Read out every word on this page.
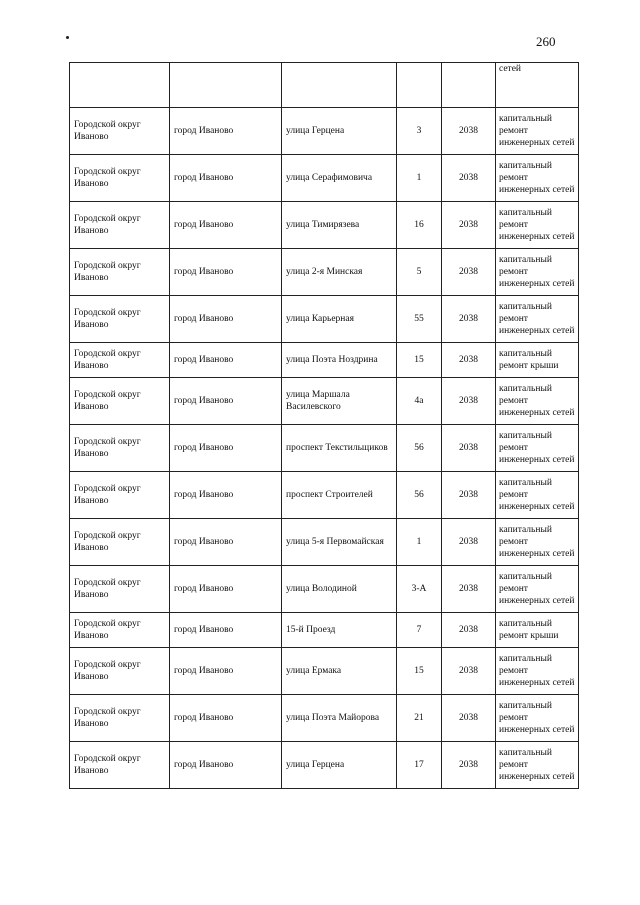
260

					сетей

Городской округ Иваново	город Иваново	улица Герцена	3	2038	капитальный ремонт инженерных сетей
Городской округ Иваново	город Иваново	улица Серафимовича	1	2038	капитальный ремонт инженерных сетей
Городской округ Иваново	город Иваново	улица Тимирязева	16	2038	капитальный ремонт инженерных сетей
Городской округ Иваново	город Иваново	улица 2-я Минская	5	2038	капитальный ремонт инженерных сетей
Городской округ Иваново	город Иваново	улица Карьерная	55	2038	капитальный ремонт инженерных сетей
Городской округ Иваново	город Иваново	улица Поэта Ноздрина	15	2038	капитальный ремонт крыши
Городской округ Иваново	город Иваново	улица Маршала Василевского	4а	2038	капитальный ремонт инженерных сетей
Городской округ Иваново	город Иваново	проспект Текстильщиков	56	2038	капитальный ремонт инженерных сетей
Городской округ Иваново	город Иваново	проспект Строителей	56	2038	капитальный ремонт инженерных сетей
Городской округ Иваново	город Иваново	улица 5-я Первомайская	1	2038	капитальный ремонт инженерных сетей
Городской округ Иваново	город Иваново	улица Володиной	3-А	2038	капитальный ремонт инженерных сетей
Городской округ Иваново	город Иваново	15-й Проезд	7	2038	капитальный ремонт крыши
Городской округ Иваново	город Иваново	улица Ермака	15	2038	капитальный ремонт инженерных сетей
Городской округ Иваново	город Иваново	улица Поэта Майорова	21	2038	капитальный ремонт инженерных сетей
Городской округ Иваново	город Иваново	улица Герцена	17	2038	капитальный ремонт инженерных сетей
